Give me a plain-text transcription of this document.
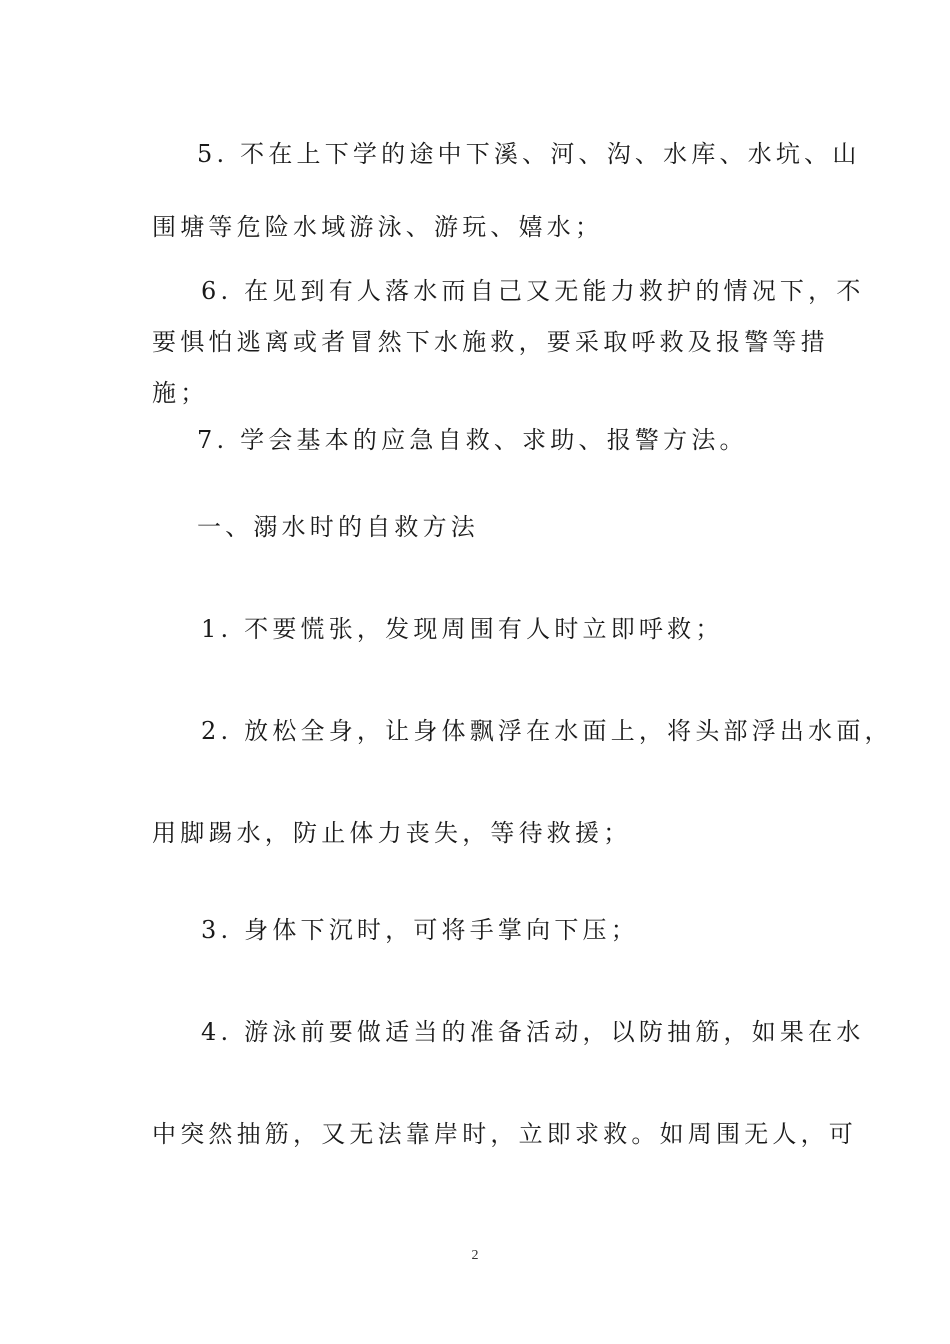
5. 不在上下学的途中下溪、河、沟、水库、水坑、山
围塘等危险水域游泳、游玩、嬉水；
6. 在见到有人落水而自己又无能力救护的情况下，不
要惧怕逃离或者冒然下水施救，要采取呼救及报警等措
施；
7. 学会基本的应急自救、求助、报警方法。
一、溺水时的自救方法
1. 不要慌张，发现周围有人时立即呼救；
2. 放松全身，让身体飘浮在水面上，将头部浮出水面，
用脚踢水，防止体力丧失，等待救援；
3. 身体下沉时，可将手掌向下压；
4. 游泳前要做适当的准备活动，以防抽筋，如果在水
中突然抽筋，又无法靠岸时，立即求救。如周围无人，可
2
